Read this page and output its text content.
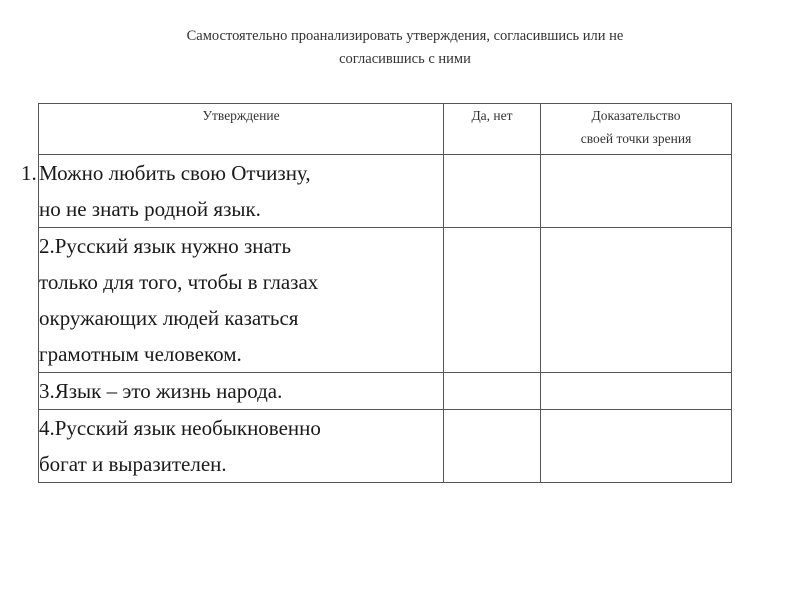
Самостоятельно проанализировать утверждения, согласившись или не
согласившись с ними
Утверждение	Да, нет	Доказательство
своей точки зрения

1. Можно любить свою Отчизну,
но не знать родной язык.		

2.Русский язык нужно знать
только для того, чтобы в глазах
окружающих людей казаться
грамотным человеком.		

3.Язык – это жизнь народа.		

4.Русский язык необыкновенно
богат и выразителен.		
